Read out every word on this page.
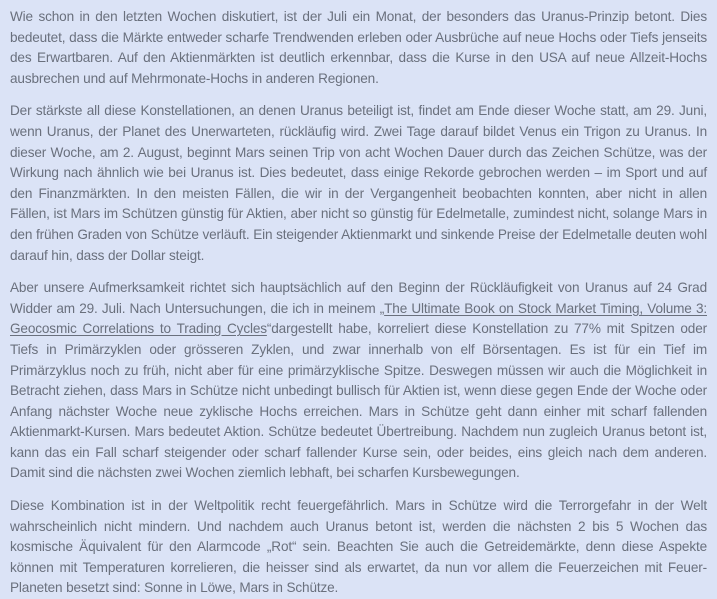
Wie schon in den letzten Wochen diskutiert, ist der Juli ein Monat, der besonders das Uranus-Prinzip betont. Dies bedeutet, dass die Märkte entweder scharfe Trendwenden erleben oder Ausbrüche auf neue Hochs oder Tiefs jenseits des Erwartbaren. Auf den Aktienmärkten ist deutlich erkennbar, dass die Kurse in den USA auf neue Allzeit-Hochs ausbrechen und auf Mehrmonate-Hochs in anderen Regionen.

Der stärkste all diese Konstellationen, an denen Uranus beteiligt ist, findet am Ende dieser Woche statt, am 29. Juni, wenn Uranus, der Planet des Unerwarteten, rückläufig wird. Zwei Tage darauf bildet Venus ein Trigon zu Uranus. In dieser Woche, am 2. August, beginnt Mars seinen Trip von acht Wochen Dauer durch das Zeichen Schütze, was der Wirkung nach ähnlich wie bei Uranus ist. Dies bedeutet, dass einige Rekorde gebrochen werden – im Sport und auf den Finanzmärkten. In den meisten Fällen, die wir in der Vergangenheit beobachten konnten, aber nicht in allen Fällen, ist Mars im Schützen günstig für Aktien, aber nicht so günstig für Edelmetalle, zumindest nicht, solange Mars in den frühen Graden von Schütze verläuft. Ein steigender Aktienmarkt und sinkende Preise der Edelmetalle deuten wohl darauf hin, dass der Dollar steigt.

Aber unsere Aufmerksamkeit richtet sich hauptsächlich auf den Beginn der Rückläufigkeit von Uranus auf 24 Grad Widder am 29. Juli. Nach Untersuchungen, die ich in meinem „The Ultimate Book on Stock Market Timing, Volume 3: Geocosmic Correlations to Trading Cycles“dargestellt habe, korreliert diese Konstellation zu 77% mit Spitzen oder Tiefs in Primärzyklen oder grösseren Zyklen, und zwar innerhalb von elf Börsentagen. Es ist für ein Tief im Primärzyklus noch zu früh, nicht aber für eine primärzyklische Spitze. Deswegen müssen wir auch die Möglichkeit in Betracht ziehen, dass Mars in Schütze nicht unbedingt bullisch für Aktien ist, wenn diese gegen Ende der Woche oder Anfang nächster Woche neue zyklische Hochs erreichen. Mars in Schütze geht dann einher mit scharf fallenden Aktienmarkt-Kursen. Mars bedeutet Aktion. Schütze bedeutet Übertreibung. Nachdem nun zugleich Uranus betont ist, kann das ein Fall scharf steigender oder scharf fallender Kurse sein, oder beides, eins gleich nach dem anderen. Damit sind die nächsten zwei Wochen ziemlich lebhaft, bei scharfen Kursbewegungen.

Diese Kombination ist in der Weltpolitik recht feuergefährlich. Mars in Schütze wird die Terrorgefahr in der Welt wahrscheinlich nicht mindern. Und nachdem auch Uranus betont ist, werden die nächsten 2 bis 5 Wochen das kosmische Äquivalent für den Alarmcode „Rot“ sein. Beachten Sie auch die Getreidemärkte, denn diese Aspekte können mit Temperaturen korrelieren, die heisser sind als erwartet, da nun vor allem die Feuerzeichen mit Feuer-Planeten besetzt sind: Sonne in Löwe, Mars in Schütze.
